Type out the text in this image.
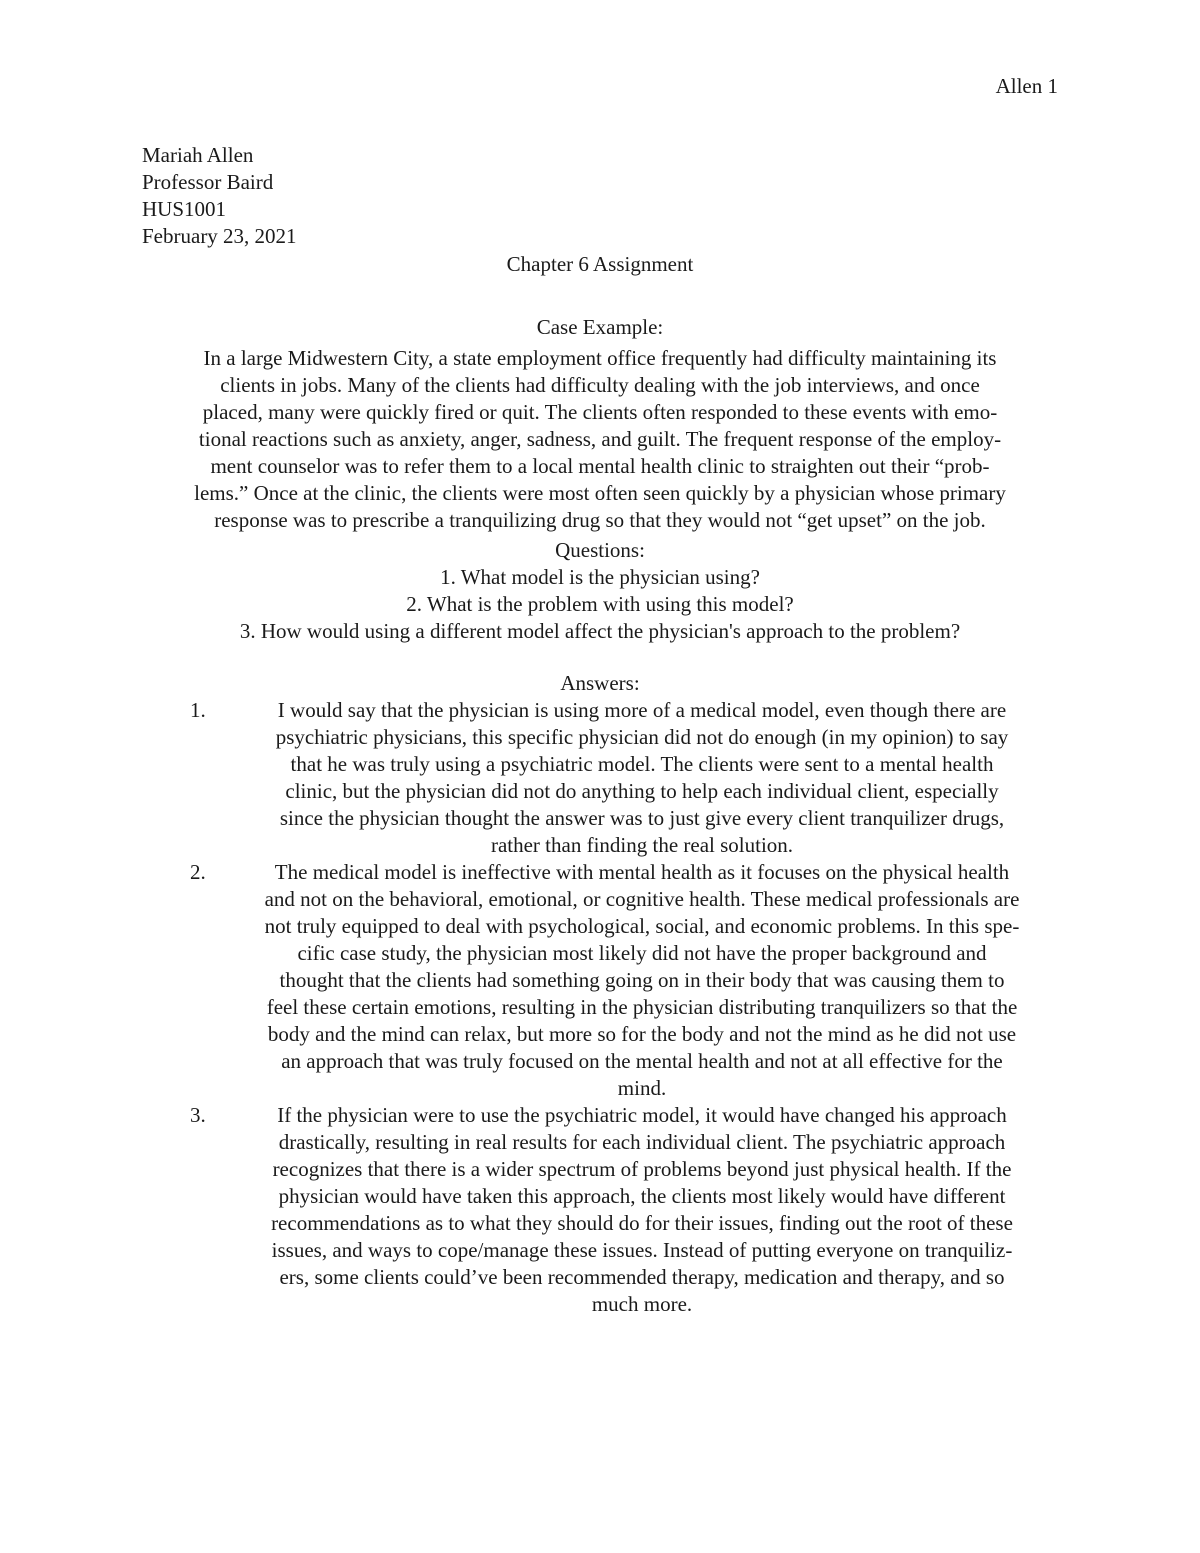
Allen 1
Mariah Allen
Professor Baird
HUS1001
February 23, 2021
Chapter 6 Assignment
Case Example:
In a large Midwestern City, a state employment office frequently had difficulty maintaining its
clients in jobs. Many of the clients had difficulty dealing with the job interviews, and once
placed, many were quickly fired or quit. The clients often responded to these events with emo-
tional reactions such as anxiety, anger, sadness, and guilt. The frequent response of the employ-
ment counselor was to refer them to a local mental health clinic to straighten out their “prob-
lems.” Once at the clinic, the clients were most often seen quickly by a physician whose primary
response was to prescribe a tranquilizing drug so that they would not “get upset” on the job.
Questions:
1. What model is the physician using?
2. What is the problem with using this model?
3. How would using a different model affect the physician's approach to the problem?
Answers:
1.	I would say that the physician is using more of a medical model, even though there are
psychiatric physicians, this specific physician did not do enough (in my opinion) to say
that he was truly using a psychiatric model. The clients were sent to a mental health
clinic, but the physician did not do anything to help each individual client, especially
since the physician thought the answer was to just give every client tranquilizer drugs,
rather than finding the real solution.
2.	The medical model is ineffective with mental health as it focuses on the physical health
and not on the behavioral, emotional, or cognitive health. These medical professionals are
not truly equipped to deal with psychological, social, and economic problems. In this spe-
cific case study, the physician most likely did not have the proper background and
thought that the clients had something going on in their body that was causing them to
feel these certain emotions, resulting in the physician distributing tranquilizers so that the
body and the mind can relax, but more so for the body and not the mind as he did not use
an approach that was truly focused on the mental health and not at all effective for the
mind.
3.	If the physician were to use the psychiatric model, it would have changed his approach
drastically, resulting in real results for each individual client. The psychiatric approach
recognizes that there is a wider spectrum of problems beyond just physical health. If the
physician would have taken this approach, the clients most likely would have different
recommendations as to what they should do for their issues, finding out the root of these
issues, and ways to cope/manage these issues. Instead of putting everyone on tranquiliz-
ers, some clients could’ve been recommended therapy, medication and therapy, and so
much more.
